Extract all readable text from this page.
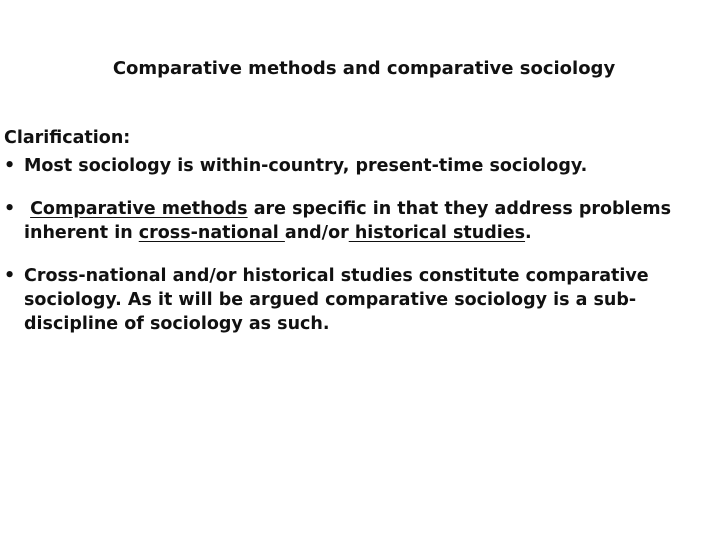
Comparative methods and comparative sociology

Clarification:

• Most sociology is within-country, present-time sociology.
• Comparative methods are specific in that they address problems inherent in cross-national and/or historical studies.
• Cross-national and/or historical studies constitute comparative sociology. As it will be argued comparative sociology is a sub-discipline of sociology as such.
